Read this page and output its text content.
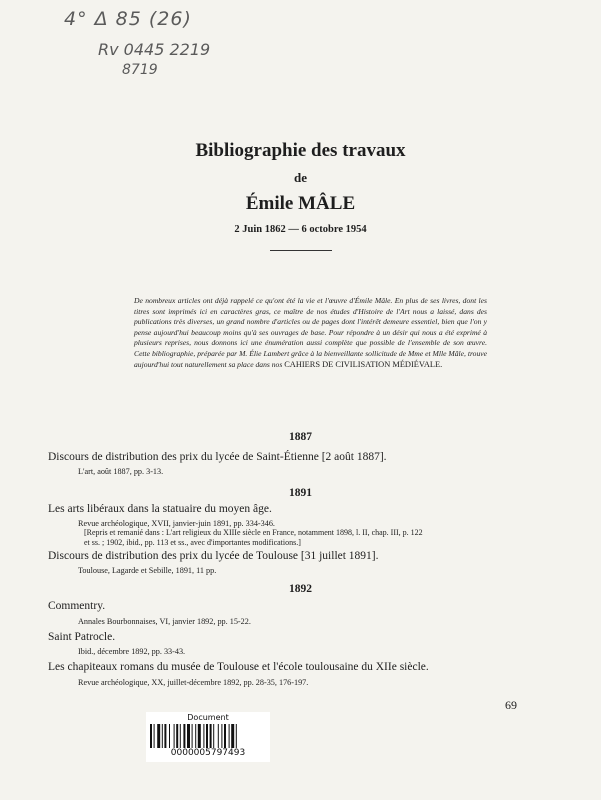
4° Δ 85 (26)
Rv 0445 2219
8719
Bibliographie des travaux
de
Émile MÂLE
2 Juin 1862 — 6 octobre 1954
De nombreux articles ont déjà rappelé ce qu'ont été la vie et l'œuvre d'Émile Mâle. En plus de ses livres, dont les titres sont imprimés ici en caractères gras, ce maître de nos études d'Histoire de l'Art nous a laissé, dans des publications très diverses, un grand nombre d'articles ou de pages dont l'intérêt demeure essentiel, bien que l'on y pense aujourd'hui beaucoup moins qu'à ses ouvrages de base. Pour répondre à un désir qui nous a été exprimé à plusieurs reprises, nous donnons ici une énumération aussi complète que possible de l'ensemble de son œuvre. Cette bibliographie, préparée par M. Élie Lambert grâce à la bienveillante sollicitude de Mme et Mlle Mâle, trouve aujourd'hui tout naturellement sa place dans nos CAHIERS DE CIVILISATION MÉDIÉVALE.
1887
Discours de distribution des prix du lycée de Saint-Étienne [2 août 1887].
L'art, août 1887, pp. 3-13.
1891
Les arts libéraux dans la statuaire du moyen âge.
Revue archéologique, XVII, janvier-juin 1891, pp. 334-346.
[Repris et remanié dans : L'art religieux du XIIIe siècle en France, notamment 1898, l. II, chap. III, p. 122
et ss. ; 1902, ibid., pp. 113 et ss., avec d'importantes modifications.]
Discours de distribution des prix du lycée de Toulouse [31 juillet 1891].
Toulouse, Lagarde et Sebille, 1891, 11 pp.
1892
Commentry.
Annales Bourbonnaises, VI, janvier 1892, pp. 15-22.
Saint Patrocle.
Ibid., décembre 1892, pp. 33-43.
Les chapiteaux romans du musée de Toulouse et l'école toulousaine du XIIe siècle.
Revue archéologique, XX, juillet-décembre 1892, pp. 28-35, 176-197.
69
Document
0000005797493
